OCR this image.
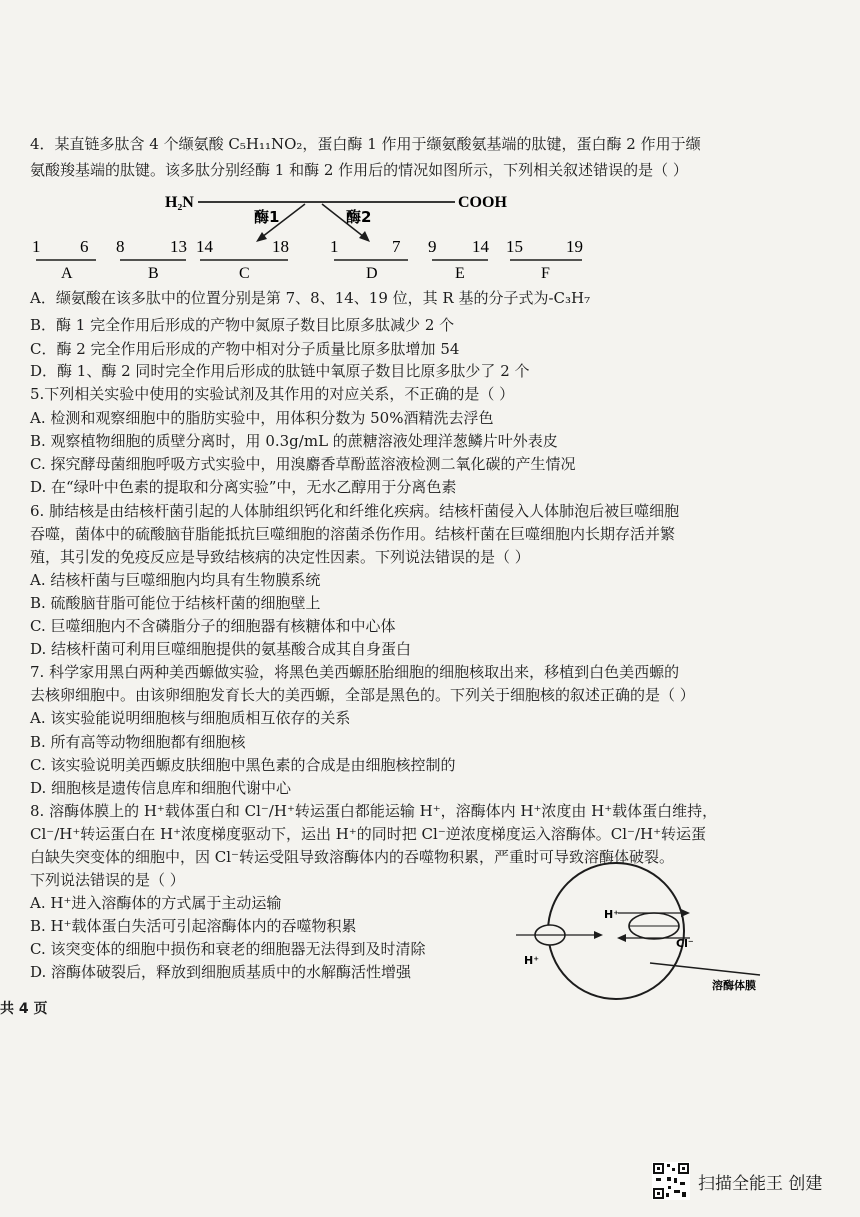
4．某直链多肽含 4 个缬氨酸 C₅H₁₁NO₂，蛋白酶 1 作用于缬氨酸氨基端的肽键，蛋白酶 2 作用于缬
氨酸羧基端的肽键。该多肽分别经酶 1 和酶 2 作用后的情况如图所示，下列相关叙述错误的是（ ）
H₂N	COOH
酶1	酶2
1 6
A
8	13
B
14	18
C
1	7
D
9 14
E
15	19
F
A．缬氨酸在该多肽中的位置分别是第 7、8、14、19 位，其 R 基的分子式为-C₃H₇
B．酶 1 完全作用后形成的产物中氮原子数目比原多肽减少 2 个
C．酶 2 完全作用后形成的产物中相对分子质量比原多肽增加 54
D．酶 1、酶 2 同时完全作用后形成的肽链中氧原子数目比原多肽少了 2 个
5.下列相关实验中使用的实验试剂及其作用的对应关系，不正确的是（ ）
A. 检测和观察细胞中的脂肪实验中，用体积分数为 50%酒精洗去浮色
B. 观察植物细胞的质壁分离时，用 0.3g/mL 的蔗糖溶液处理洋葱鳞片叶外表皮
C. 探究酵母菌细胞呼吸方式实验中，用溴麝香草酚蓝溶液检测二氧化碳的产生情况
D. 在“绿叶中色素的提取和分离实验”中，无水乙醇用于分离色素
6. 肺结核是由结核杆菌引起的人体肺组织钙化和纤维化疾病。结核杆菌侵入人体肺泡后被巨噬细胞
吞噬，菌体中的硫酸脑苷脂能抵抗巨噬细胞的溶菌杀伤作用。结核杆菌在巨噬细胞内长期存活并繁
殖，其引发的免疫反应是导致结核病的决定性因素。下列说法错误的是（ ）
A. 结核杆菌与巨噬细胞内均具有生物膜系统
B. 硫酸脑苷脂可能位于结核杆菌的细胞壁上
C. 巨噬细胞内不含磷脂分子的细胞器有核糖体和中心体
D. 结核杆菌可利用巨噬细胞提供的氨基酸合成其自身蛋白
7. 科学家用黑白两种美西螈做实验，将黑色美西螈胚胎细胞的细胞核取出来，移植到白色美西螈的
去核卵细胞中。由该卵细胞发育长大的美西螈，全部是黑色的。下列关于细胞核的叙述正确的是（ ）
A. 该实验能说明细胞核与细胞质相互依存的关系
B. 所有高等动物细胞都有细胞核
C. 该实验说明美西螈皮肤细胞中黑色素的合成是由细胞核控制的
D. 细胞核是遗传信息库和细胞代谢中心
8. 溶酶体膜上的 H⁺载体蛋白和 Cl⁻/H⁺转运蛋白都能运输 H⁺，溶酶体内 H⁺浓度由 H⁺载体蛋白维持，
Cl⁻/H⁺转运蛋白在 H⁺浓度梯度驱动下，运出 H⁺的同时把 Cl⁻逆浓度梯度运入溶酶体。Cl⁻/H⁺转运蛋
白缺失突变体的细胞中，因 Cl⁻转运受阻导致溶酶体内的吞噬物积累，严重时可导致溶酶体破裂。
下列说法错误的是（ ）
A. H⁺进入溶酶体的方式属于主动运输
B. H⁺载体蛋白失活可引起溶酶体内的吞噬物积累
C. 该突变体的细胞中损伤和衰老的细胞器无法得到及时清除
D. 溶酶体破裂后，释放到细胞质基质中的水解酶活性增强
H⁺
H⁺
Cl⁻
溶酶体膜
共 4 页
扫描全能王 创建
